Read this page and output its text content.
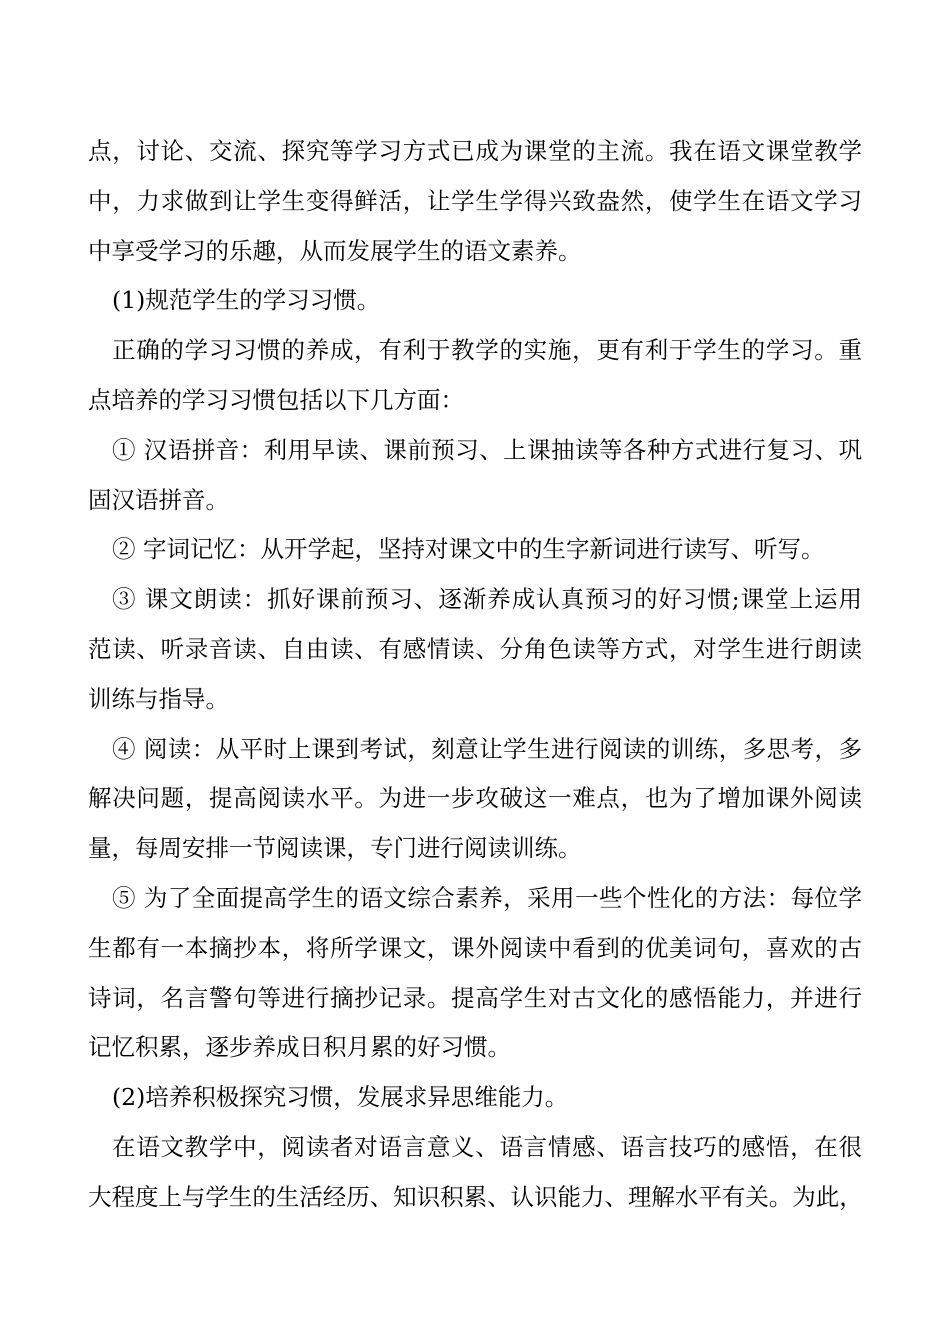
点，讨论、交流、探究等学习方式已成为课堂的主流。我在语文课堂教学
中，力求做到让学生变得鲜活，让学生学得兴致盎然，使学生在语文学习
中享受学习的乐趣，从而发展学生的语文素养。
(1)规范学生的学习习惯。
正确的学习习惯的养成，有利于教学的实施，更有利于学生的学习。重
点培养的学习习惯包括以下几方面：
① 汉语拼音：利用早读、课前预习、上课抽读等各种方式进行复习、巩
固汉语拼音。
② 字词记忆：从开学起，坚持对课文中的生字新词进行读写、听写。
③ 课文朗读：抓好课前预习、逐渐养成认真预习的好习惯;课堂上运用
范读、听录音读、自由读、有感情读、分角色读等方式，对学生进行朗读
训练与指导。
④ 阅读：从平时上课到考试，刻意让学生进行阅读的训练，多思考，多
解决问题，提高阅读水平。为进一步攻破这一难点，也为了增加课外阅读
量，每周安排一节阅读课，专门进行阅读训练。
⑤ 为了全面提高学生的语文综合素养，采用一些个性化的方法：每位学
生都有一本摘抄本，将所学课文，课外阅读中看到的优美词句，喜欢的古
诗词，名言警句等进行摘抄记录。提高学生对古文化的感悟能力，并进行
记忆积累，逐步养成日积月累的好习惯。
(2)培养积极探究习惯，发展求异思维能力。
在语文教学中，阅读者对语言意义、语言情感、语言技巧的感悟，在很
大程度上与学生的生活经历、知识积累、认识能力、理解水平有关。为此，
